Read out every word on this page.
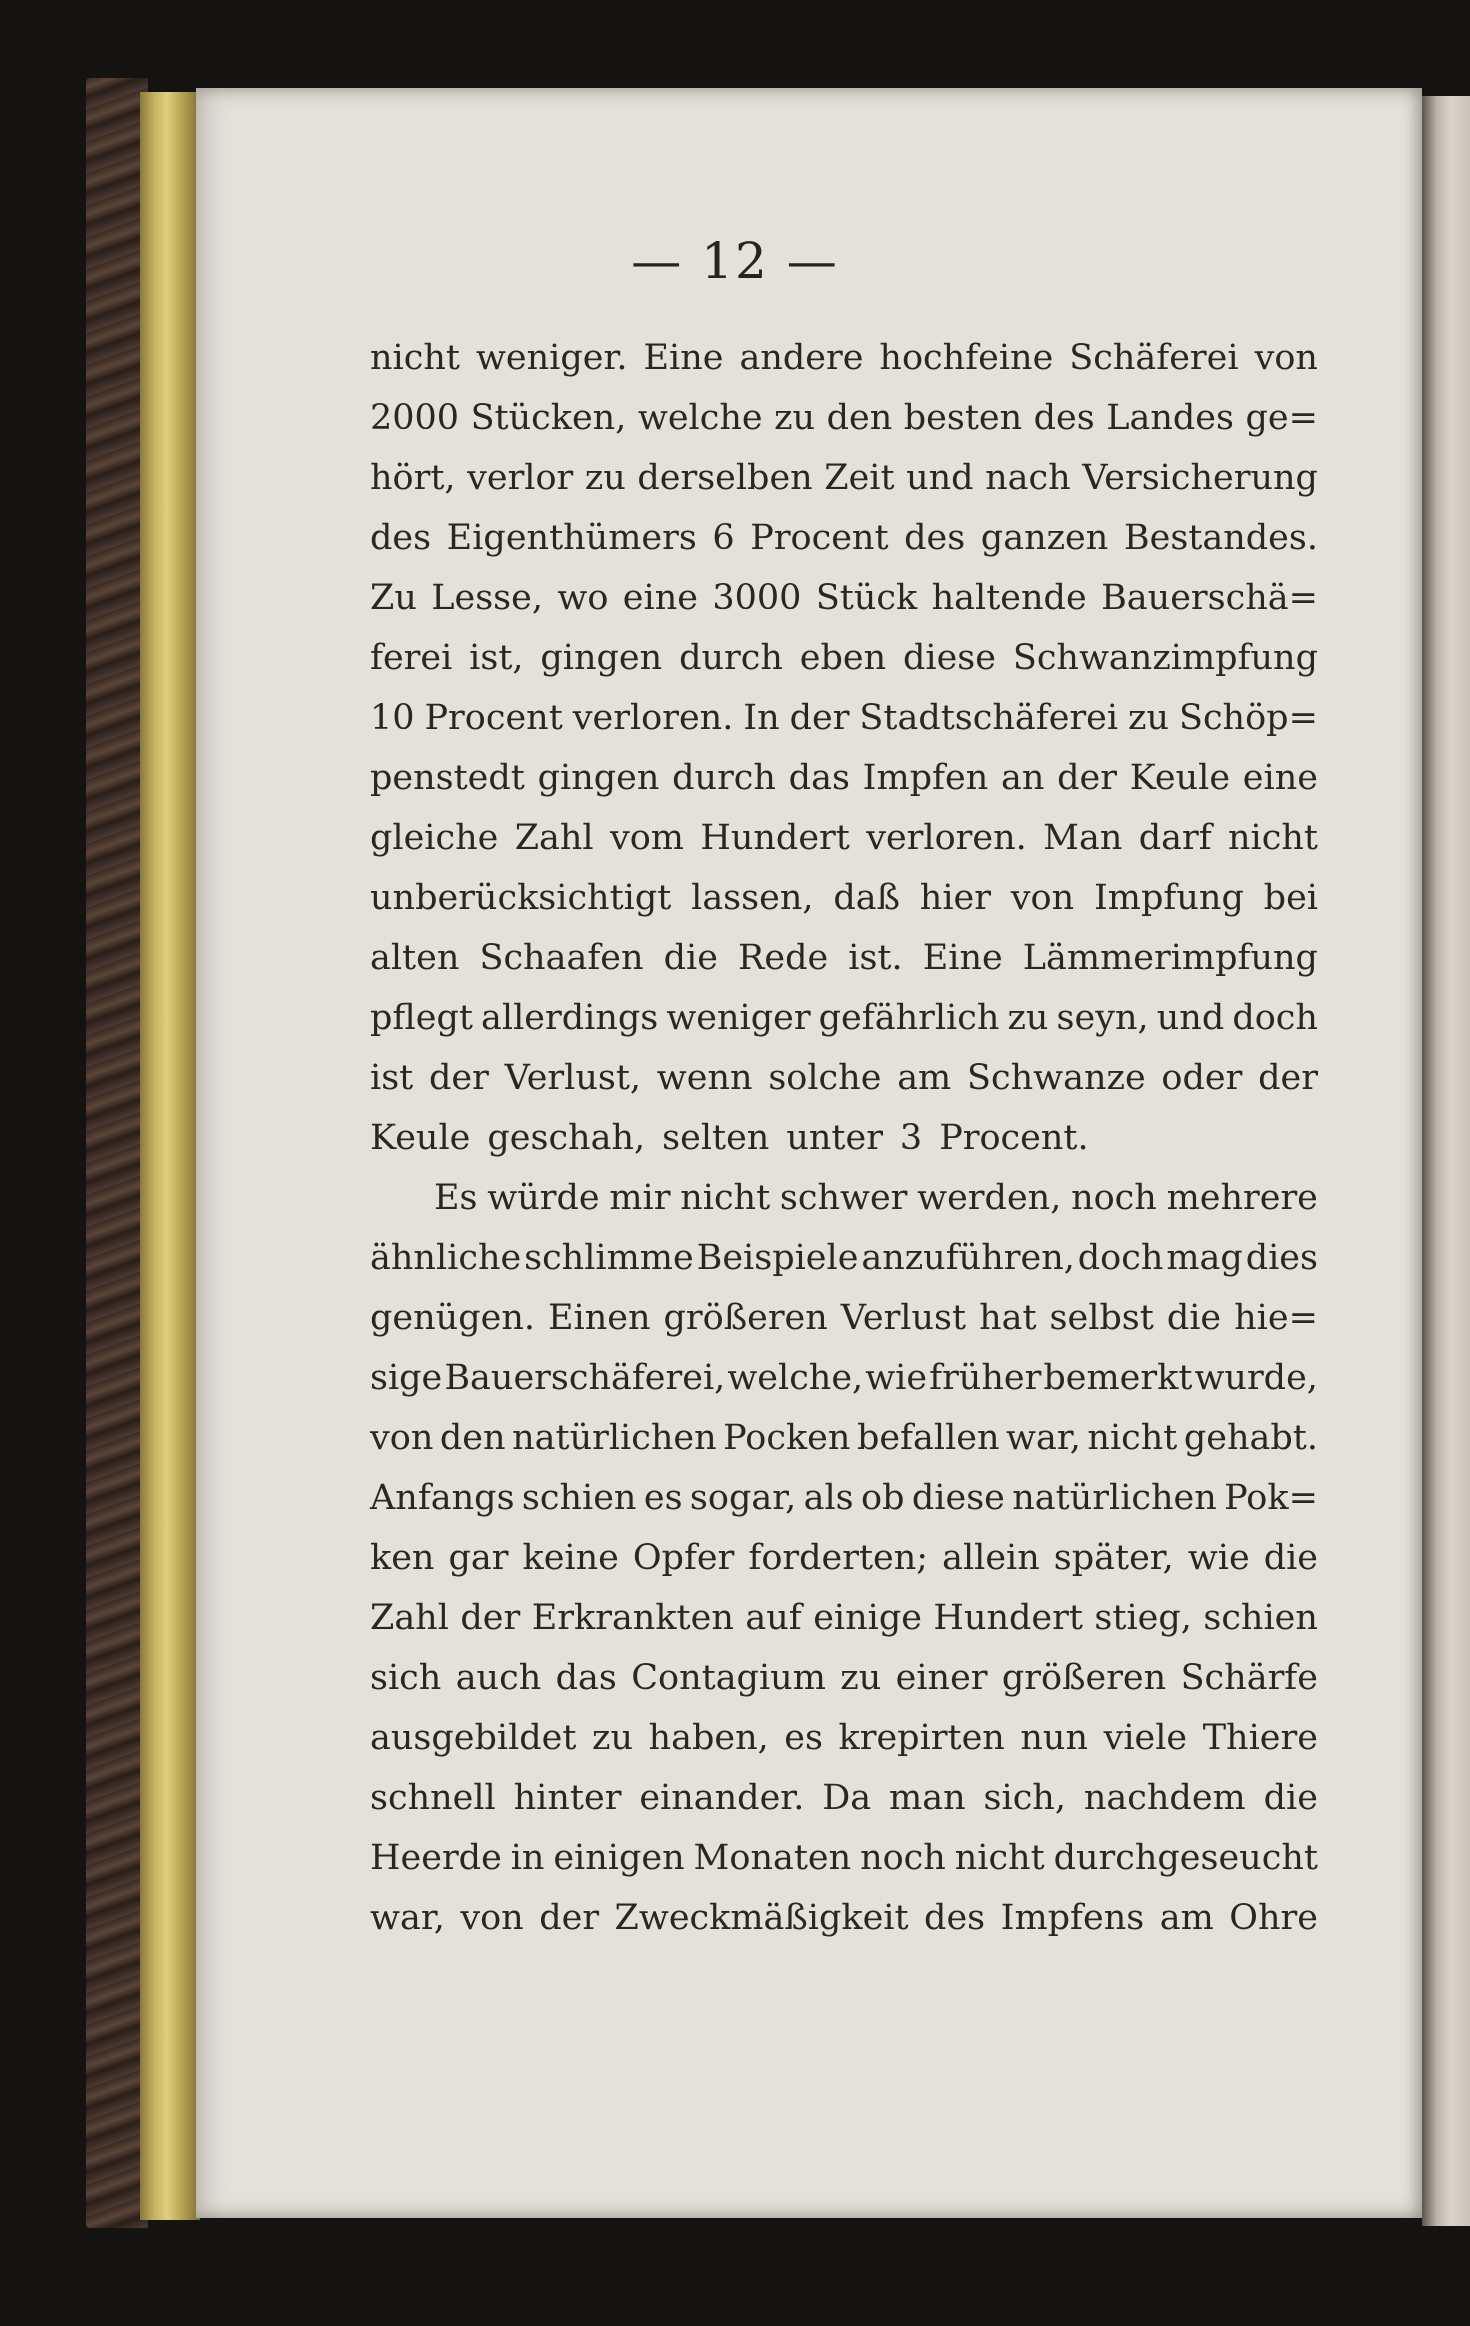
— 12 —
nicht weniger. Eine andere hochfeine Schäferei von
2000 Stücken, welche zu den besten des Landes ge=
hört, verlor zu derselben Zeit und nach Versicherung
des Eigenthümers 6 Procent des ganzen Bestandes.
Zu Lesse, wo eine 3000 Stück haltende Bauerschä=
ferei ist, gingen durch eben diese Schwanzimpfung
10 Procent verloren. In der Stadtschäferei zu Schöp=
penstedt gingen durch das Impfen an der Keule eine
gleiche Zahl vom Hundert verloren. Man darf nicht
unberücksichtigt lassen, daß hier von Impfung bei
alten Schaafen die Rede ist. Eine Lämmerimpfung
pflegt allerdings weniger gefährlich zu seyn, und doch
ist der Verlust, wenn solche am Schwanze oder der
Keule geschah, selten unter 3 Procent.
Es würde mir nicht schwer werden, noch mehrere
ähnliche schlimme Beispiele anzuführen, doch mag dies
genügen. Einen größeren Verlust hat selbst die hie=
sige Bauerschäferei, welche, wie früher bemerkt wurde,
von den natürlichen Pocken befallen war, nicht gehabt.
Anfangs schien es sogar, als ob diese natürlichen Pok=
ken gar keine Opfer forderten; allein später, wie die
Zahl der Erkrankten auf einige Hundert stieg, schien
sich auch das Contagium zu einer größeren Schärfe
ausgebildet zu haben, es krepirten nun viele Thiere
schnell hinter einander. Da man sich, nachdem die
Heerde in einigen Monaten noch nicht durchgeseucht
war, von der Zweckmäßigkeit des Impfens am Ohre
